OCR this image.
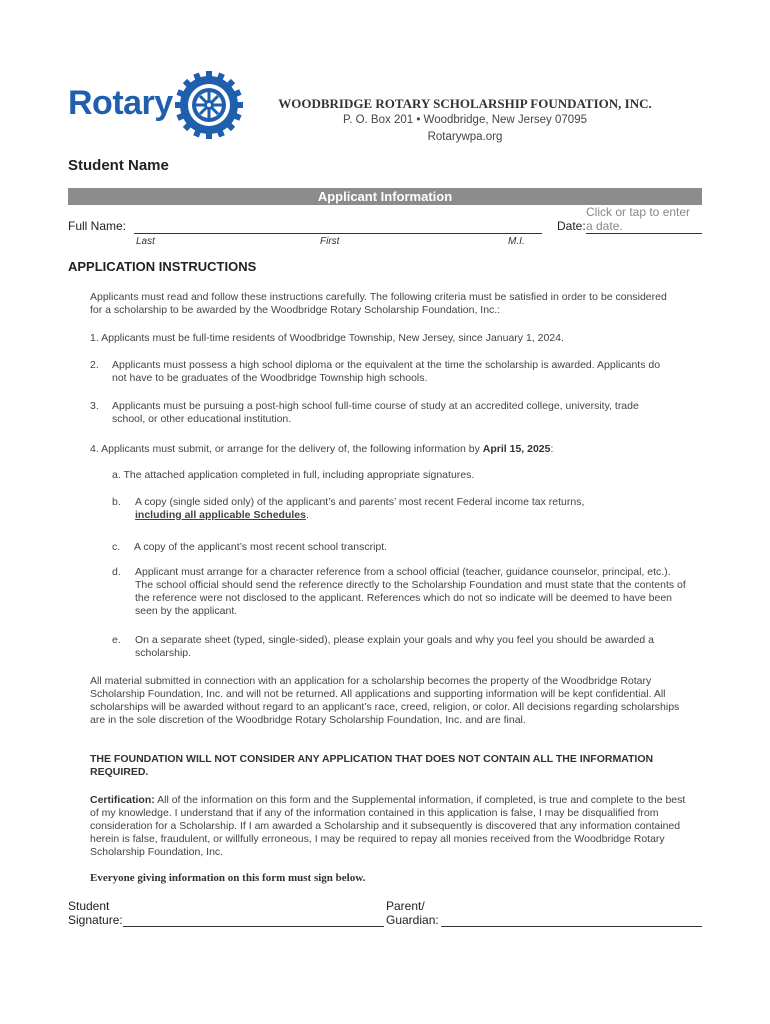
Rotary	WOODBRIDGE ROTARY SCHOLARSHIP FOUNDATION, INC.
P. O. Box 201 • Woodbridge, New Jersey 07095
Rotarywpa.org
Student Name
Applicant Information
Full Name:
Last	First	M.I.
Date:
Click or tap to enter
a date.
APPLICATION INSTRUCTIONS
Applicants must read and follow these instructions carefully. The following criteria must be satisfied in order to be considered for a scholarship to be awarded by the Woodbridge Rotary Scholarship Foundation, Inc.:
1. Applicants must be full-time residents of Woodbridge Township, New Jersey, since January 1, 2024.
2. Applicants must possess a high school diploma or the equivalent at the time the scholarship is awarded. Applicants do not have to be graduates of the Woodbridge Township high schools.
3. Applicants must be pursuing a post-high school full-time course of study at an accredited college, university, trade school, or other educational institution.
4. Applicants must submit, or arrange for the delivery of, the following information by April 15, 2025:
a. The attached application completed in full, including appropriate signatures.
b. A copy (single sided only) of the applicant’s and parents’ most recent Federal income tax returns,
including all applicable Schedules.
c. A copy of the applicant’s most recent school transcript.
d. Applicant must arrange for a character reference from a school official (teacher, guidance counselor, principal, etc.). The school official should send the reference directly to the Scholarship Foundation and must state that the contents of the reference were not disclosed to the applicant. References which do not so indicate will be deemed to have been seen by the applicant.
e. On a separate sheet (typed, single-sided), please explain your goals and why you feel you should be awarded a scholarship.
All material submitted in connection with an application for a scholarship becomes the property of the Woodbridge Rotary Scholarship Foundation, Inc. and will not be returned. All applications and supporting information will be kept confidential. All scholarships will be awarded without regard to an applicant’s race, creed, religion, or color. All decisions regarding scholarships are in the sole discretion of the Woodbridge Rotary Scholarship Foundation, Inc. and are final.
THE FOUNDATION WILL NOT CONSIDER ANY APPLICATION THAT DOES NOT CONTAIN ALL THE INFORMATION REQUIRED.
Certification: All of the information on this form and the Supplemental information, if completed, is true and complete to the best of my knowledge. I understand that if any of the information contained in this application is false, I may be disqualified from consideration for a Scholarship. If I am awarded a Scholarship and it subsequently is discovered that any information contained herein is false, fraudulent, or willfully erroneous, I may be required to repay all monies received from the Woodbridge Rotary Scholarship Foundation, Inc.
Everyone giving information on this form must sign below.
Student
Signature:
Parent/
Guardian:
